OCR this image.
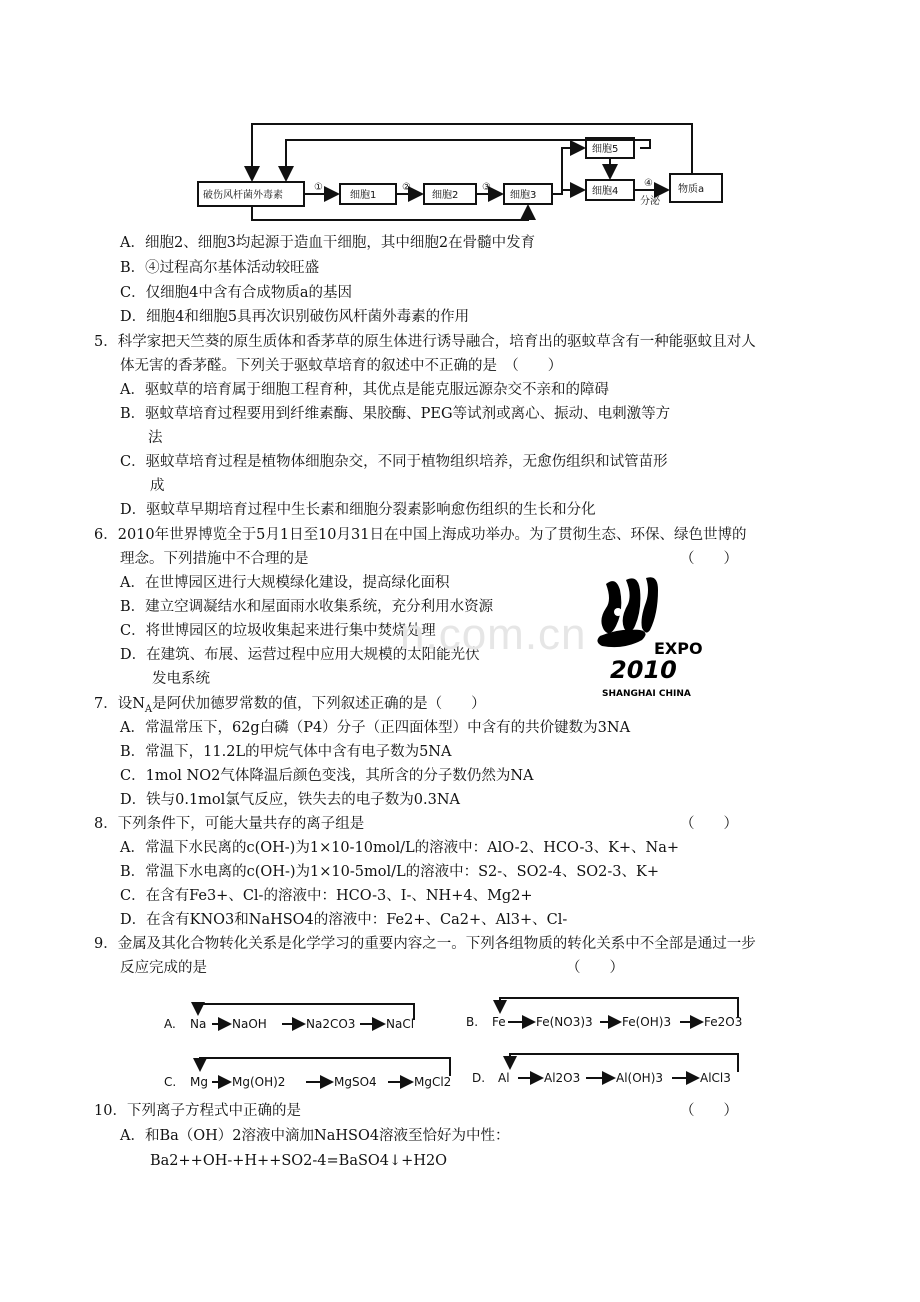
破伤风杆菌外毒素	细胞1	细胞2	细胞3
细胞5
细胞4	物质a
①	②	③	④
分泌
A．细胞2、细胞3均起源于造血干细胞，其中细胞2在骨髓中发育
B．④过程高尔基体活动较旺盛
C．仅细胞4中含有合成物质a的基因
D．细胞4和细胞5具再次识别破伤风杆菌外毒素的作用
5．科学家把天竺葵的原生质体和香茅草的原生体进行诱导融合，培育出的驱蚊草含有一种能驱蚊且对人
体无害的香茅醛。下列关于驱蚊草培育的叙述中不正确的是　（　　）
A．驱蚊草的培育属于细胞工程育种，其优点是能克服远源杂交不亲和的障碍
B．驱蚊草培育过程要用到纤维素酶、果胶酶、PEG等试剂或离心、振动、电刺激等方
法
C．驱蚊草培育过程是植物体细胞杂交，不同于植物组织培养，无愈伤组织和试管苗形
成
D．驱蚊草早期培育过程中生长素和细胞分裂素影响愈伤组织的生长和分化
6．2010年世界博览全于5月1日至10月31日在中国上海成功举办。为了贯彻生态、环保、绿色世博的
理念。下列措施中不合理的是	（　　）
A．在世博园区进行大规模绿化建设，提高绿化面积
B．建立空调凝结水和屋面雨水收集系统，充分利用水资源
C．将世博园区的垃圾收集起来进行集中焚烧处理
D．在建筑、布展、运营过程中应用大规模的太阳能光伏
发电系统
n.com.cn	EXPO
2010
SHANGHAI CHINA
7．设$N_A$是阿伏加德罗常数的值，下列叙述正确的是（　　）
A．常温常压下，62g白磷（P4）分子（正四面体型）中含有的共价键数为3NA
B．常温下，11.2L的甲烷气体中含有电子数为5NA
C．1mol NO2气体降温后颜色变浅，其所含的分子数仍然为NA
D．铁与0.1mol氯气反应，铁失去的电子数为0.3NA
8．下列条件下，可能大量共存的离子组是	（　　）
A．常温下水民离的c(OH-)为1×10-10mol/L的溶液中：AlO-2、HCO-3、K+、Na+
B．常温下水电离的c(OH-)为1×10-5mol/L的溶液中：S2-、SO2-4、SO2-3、K+
C．在含有Fe3+、Cl-的溶液中：HCO-3、I-、NH+4、Mg2+
D．在含有KNO3和NaHSO4的溶液中：Fe2+、Ca2+、Al3+、Cl-
9．金属及其化合物转化关系是化学学习的重要内容之一。下列各组物质的转化关系中不全部是通过一步
反应完成的是	（　　）
A. Na NaOH	Na2CO3	NaCl	B. Fe	Fe(NO3)3 Fe(OH)3	Fe2O3
C. Mg Mg(OH)2	MgSO4	MgCl2 D. Al	Al2O3	Al(OH)3	AlCl3
10．下列离子方程式中正确的是	（　　）
A．和Ba（OH）2溶液中滴加NaHSO4溶液至恰好为中性：
Ba2++OH-+H++SO2-4=BaSO4↓+H2O
